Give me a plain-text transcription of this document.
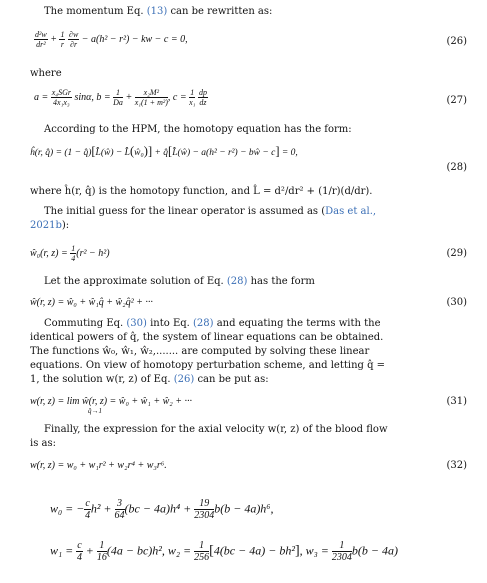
The momentum Eq. (13) can be rewritten as:
$\frac{\text{d²w}}{\text{dr²}} + \frac{1}{r}$
$\frac{\partial w}{\partial r} - a(h^2 - r^2)$ − kw − c = 0,	(26)
where
$a = \frac{\text{x₄SGr}}{\text{4x₁x₃}} \sin\alpha$, $b = \frac{1}{Da} + \frac{\text{x₂M²}}{\text{x₁(1 + m²)}}$ , $c = \frac{1}{\text{x₁}}$
$\frac{dp}{dz}$	(27)
According to the HPM, the homotopy equation has the form:
ĥ(r, q̂) = (1 − q̂)[L̂(ŵ) − L̂(ŵ₀)] + q̂[L̂(ŵ) − a(h² − r²) − bŵ − c] = 0,
(28)
where ĥ(r, q̂) is the homotopy function, and L̂ = d²/dr² + (1/r)(d/dr).
The initial guess for the linear operator is assumed as (Das et al.,
2021b):
ŵ₀(r, $z) = \frac{1}{4} (r^2 - h^2)$	(29)
Let the approximate solution of Eq. (28) has the form
ŵ(r, z) = ŵ₀ + ŵ₁q̂ + ŵ₂q̂² + ···	(30)
Commuting Eq. (30) into Eq. (28) and equating the terms with the
identical powers of q̂, the system of linear equations can be obtained.
The functions ŵ₀, ŵ₁, ŵ₂,....... are computed by solving these linear
equations. On view of homotopy perturbation scheme, and letting q̂ =
1, the solution w(r, z) of Eq. (26) can be put as:
w(r, z) = lim ŵ(r, z) = ŵ₀ + ŵ₁ + ŵ₂ + ···
q̂→1
(31)
Finally, the expression for the axial velocity w(r, z) of the blood flow
is as:
w(r, z) = w₀ + w₁r² + w₂r⁴ + w₃r⁶.	(32)
w₀ = − $\frac{c}{4} h^2 + \frac{3}{64} (bc - 4a)h^4 + \frac{19}{2304} b(b - 4a)h^6$,
$w_1 = \frac{c}{4} + \frac{1}{16} (4a - bc)h^2$, $w_2 = \frac{1}{256} [4(bc - 4a) - bh^2]$, $w_3 = \frac{1}{2304} b(b - 4a)$
